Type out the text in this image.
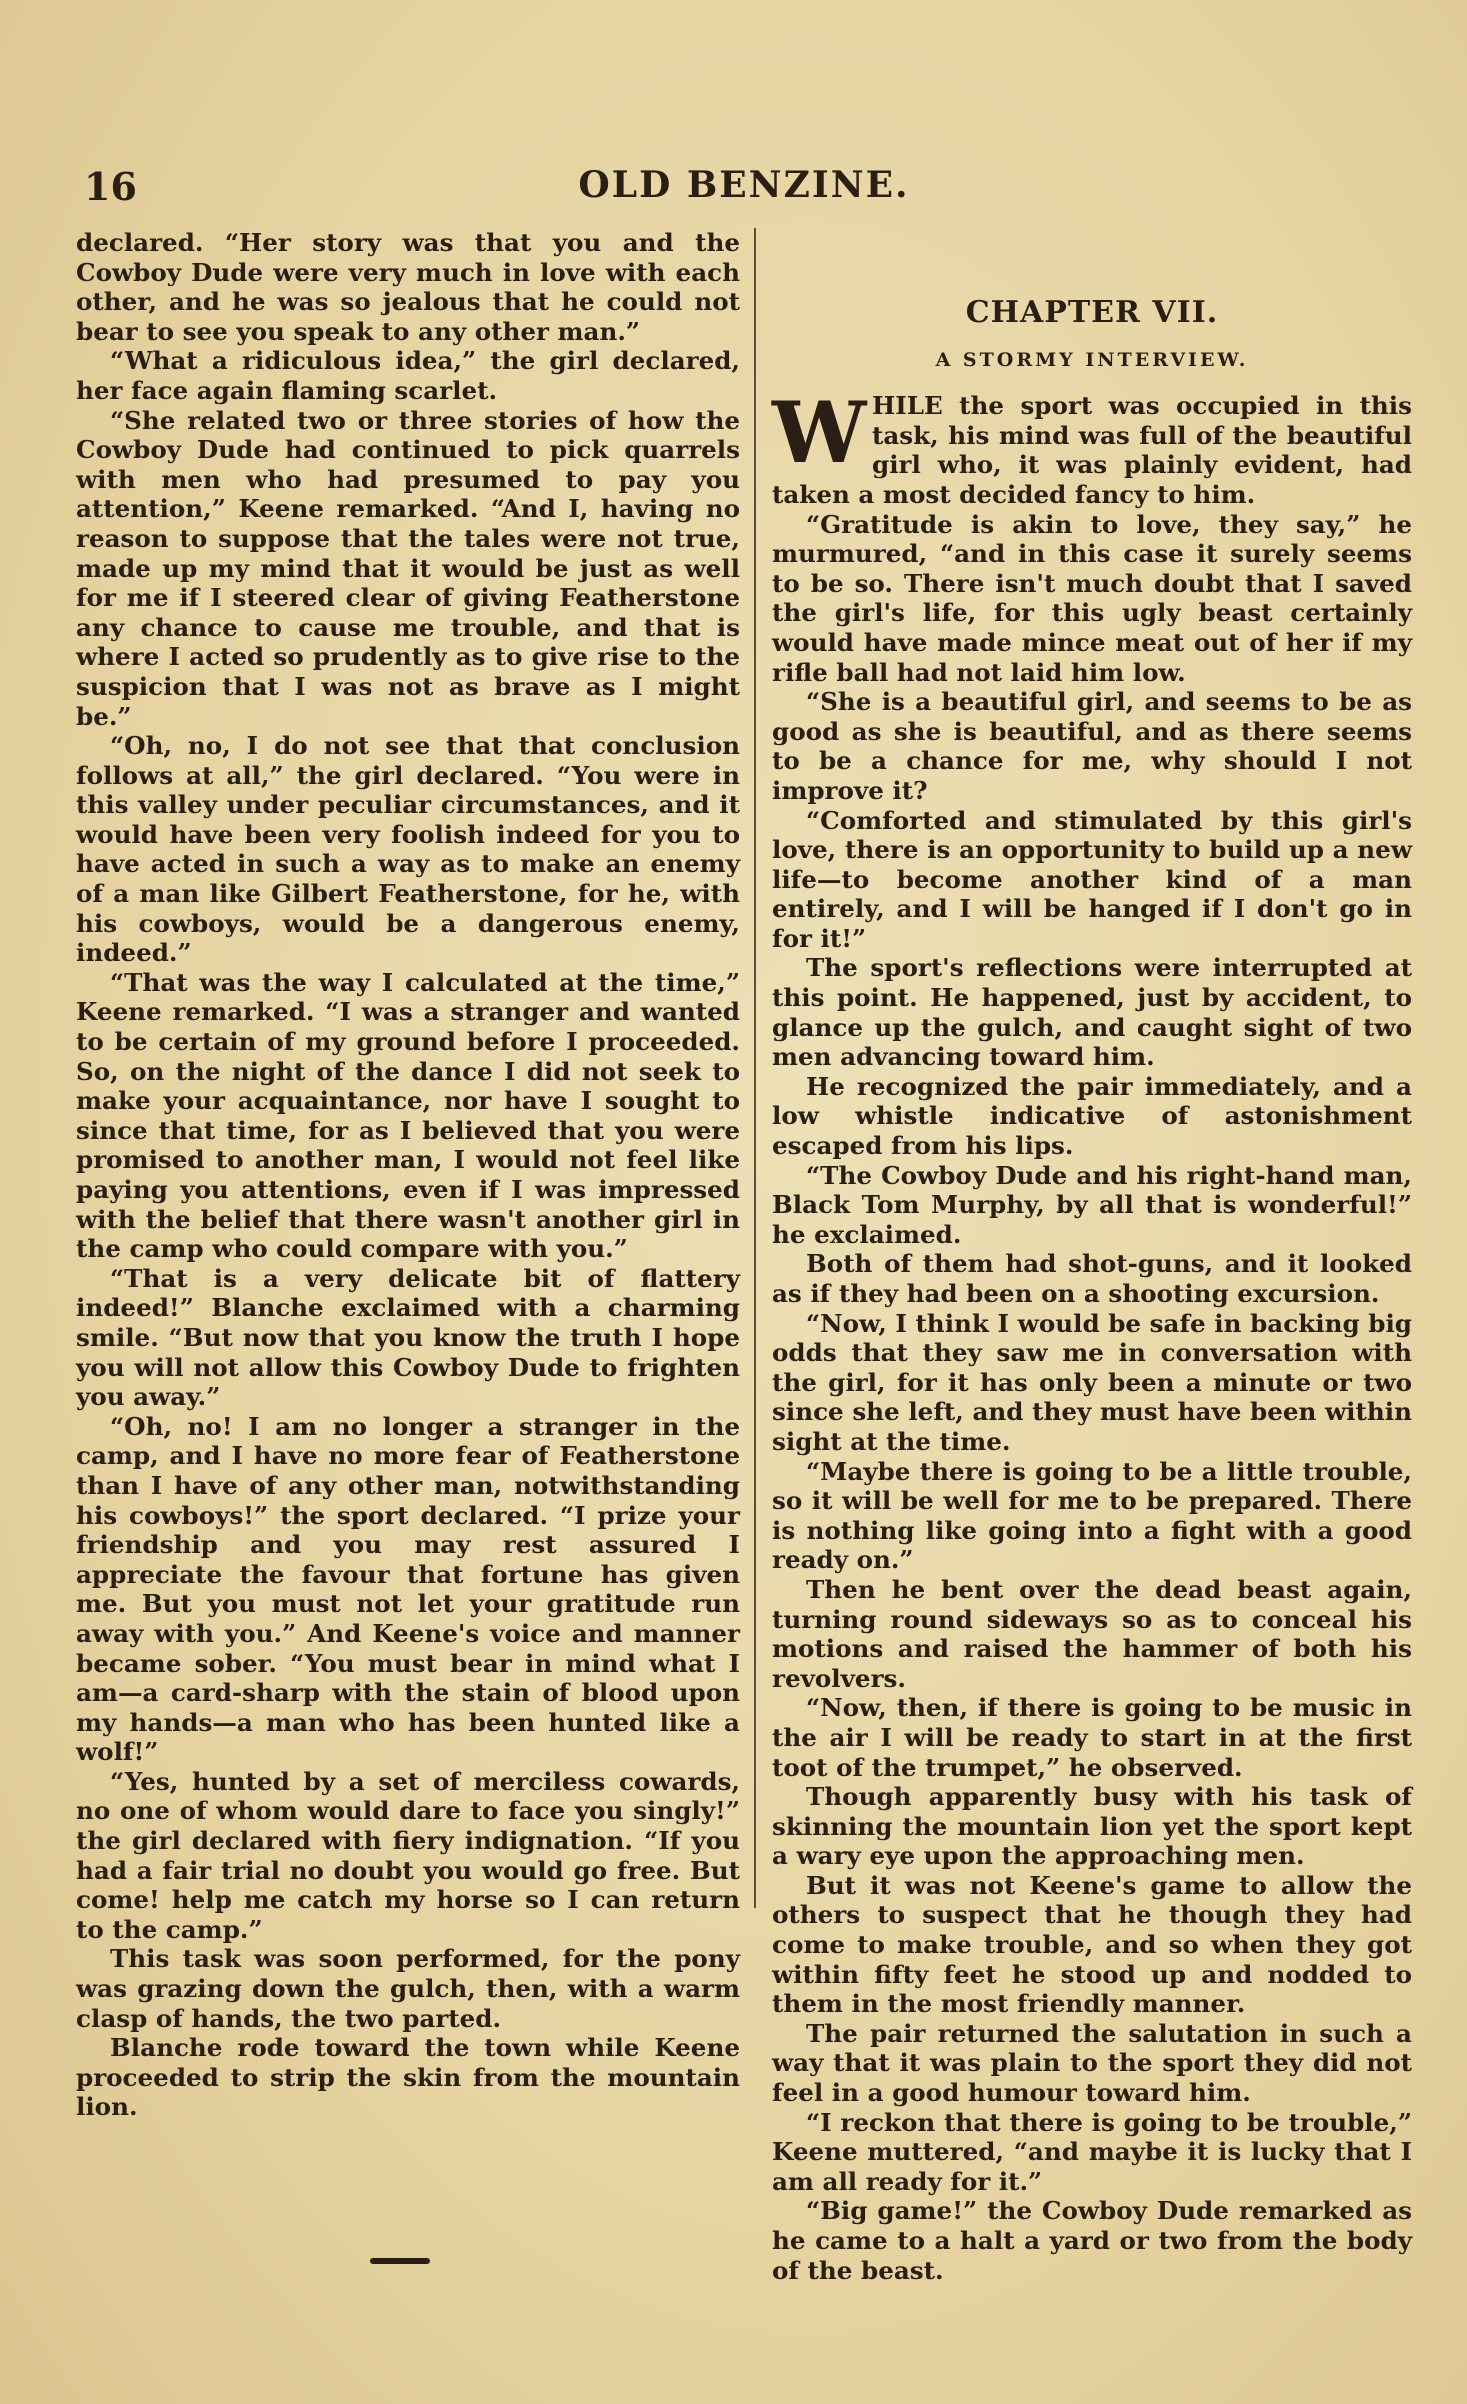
16	OLD BENZINE.

declared. “Her story was that you and the Cowboy Dude were very much in love with each other, and he was so jealous that he could not bear to see you speak to any other man.”

“What a ridiculous idea,” the girl declared, her face again flaming scarlet.

“She related two or three stories of how the Cowboy Dude had continued to pick quarrels with men who had presumed to pay you attention,” Keene remarked. “And I, having no reason to suppose that the tales were not true, made up my mind that it would be just as well for me if I steered clear of giving Featherstone any chance to cause me trouble, and that is where I acted so prudently as to give rise to the suspicion that I was not as brave as I might be.”

“Oh, no, I do not see that that conclusion follows at all,” the girl declared. “You were in this valley under peculiar circumstances, and it would have been very foolish indeed for you to have acted in such a way as to make an enemy of a man like Gilbert Featherstone, for he, with his cowboys, would be a dangerous enemy, indeed.”

“That was the way I calculated at the time,” Keene remarked. “I was a stranger and wanted to be certain of my ground before I proceeded. So, on the night of the dance I did not seek to make your acquaintance, nor have I sought to since that time, for as I believed that you were promised to another man, I would not feel like paying you attentions, even if I was impressed with the belief that there wasn't another girl in the camp who could compare with you.”

“That is a very delicate bit of flattery indeed!” Blanche exclaimed with a charming smile. “But now that you know the truth I hope you will not allow this Cowboy Dude to frighten you away.”

“Oh, no! I am no longer a stranger in the camp, and I have no more fear of Featherstone than I have of any other man, notwithstanding his cowboys!” the sport declared. “I prize your friendship and you may rest assured I appreciate the favour that fortune has given me. But you must not let your gratitude run away with you.” And Keene's voice and manner became sober. “You must bear in mind what I am—a card-sharp with the stain of blood upon my hands—a man who has been hunted like a wolf!”

“Yes, hunted by a set of merciless cowards, no one of whom would dare to face you singly!” the girl declared with fiery indignation. “If you had a fair trial no doubt you would go free. But come! help me catch my horse so I can return to the camp.”

This task was soon performed, for the pony was grazing down the gulch, then, with a warm clasp of hands, the two parted.

Blanche rode toward the town while Keene proceeded to strip the skin from the mountain lion.

CHAPTER VII.
A STORMY INTERVIEW.

W HILE the sport was occupied in this task, his mind was full of the beautiful girl who, it was plainly evident, had taken a most decided fancy to him.

“Gratitude is akin to love, they say,” he murmured, “and in this case it surely seems to be so. There isn't much doubt that I saved the girl's life, for this ugly beast certainly would have made mince meat out of her if my rifle ball had not laid him low.

“She is a beautiful girl, and seems to be as good as she is beautiful, and as there seems to be a chance for me, why should I not improve it?

“Comforted and stimulated by this girl's love, there is an opportunity to build up a new life—to become another kind of a man entirely, and I will be hanged if I don't go in for it!”

The sport's reflections were interrupted at this point. He happened, just by accident, to glance up the gulch, and caught sight of two men advancing toward him.

He recognized the pair immediately, and a low whistle indicative of astonishment escaped from his lips.

“The Cowboy Dude and his right-hand man, Black Tom Murphy, by all that is wonderful!” he exclaimed.

Both of them had shot-guns, and it looked as if they had been on a shooting excursion.

“Now, I think I would be safe in backing big odds that they saw me in conversation with the girl, for it has only been a minute or two since she left, and they must have been within sight at the time.

“Maybe there is going to be a little trouble, so it will be well for me to be prepared. There is nothing like going into a fight with a good ready on.”

Then he bent over the dead beast again, turning round sideways so as to conceal his motions and raised the hammer of both his revolvers.

“Now, then, if there is going to be music in the air I will be ready to start in at the first toot of the trumpet,” he observed.

Though apparently busy with his task of skinning the mountain lion yet the sport kept a wary eye upon the approaching men.

But it was not Keene's game to allow the others to suspect that he though they had come to make trouble, and so when they got within fifty feet he stood up and nodded to them in the most friendly manner.

The pair returned the salutation in such a way that it was plain to the sport they did not feel in a good humour toward him.

“I reckon that there is going to be trouble,” Keene muttered, “and maybe it is lucky that I am all ready for it.”

“Big game!” the Cowboy Dude remarked as he came to a halt a yard or two from the body of the beast.
